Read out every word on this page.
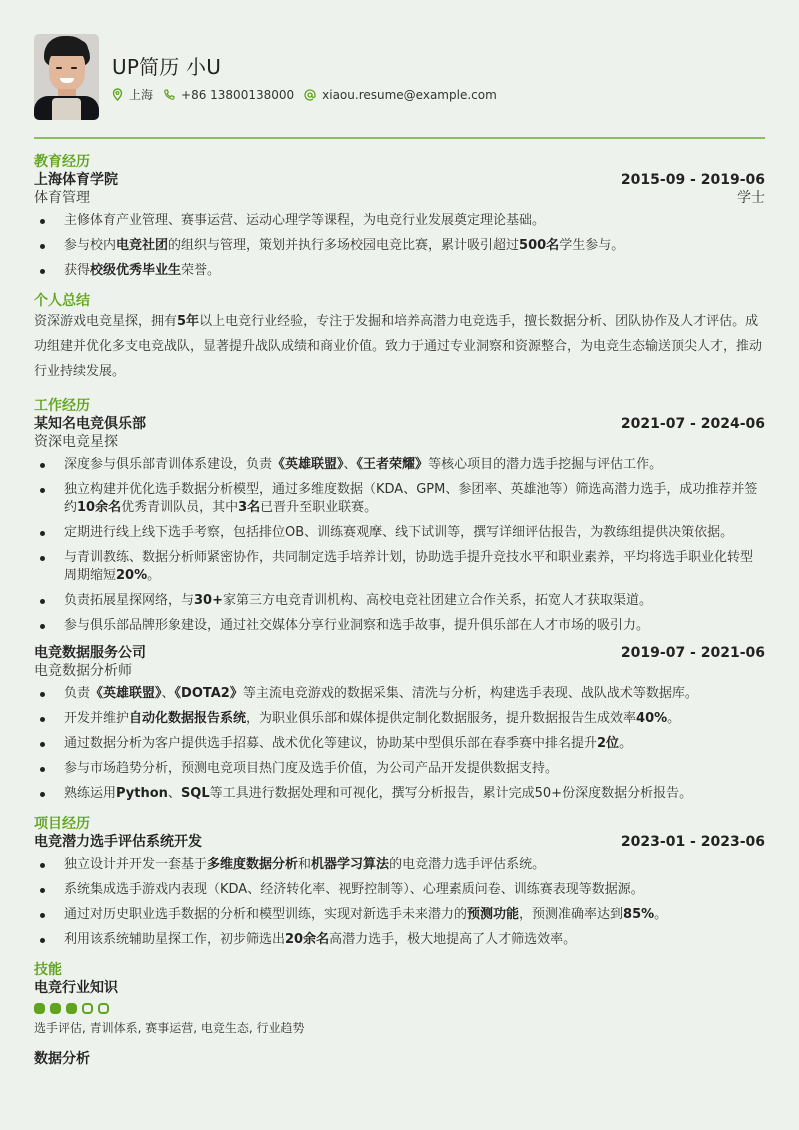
UP简历 小U
上海 +86 13800138000 xiaou.resume@example.com
教育经历
上海体育学院	2015-09 - 2019-06
体育管理	学士
主修体育产业管理、赛事运营、运动心理学等课程，为电竞行业发展奠定理论基础。
参与校内电竞社团的组织与管理，策划并执行多场校园电竞比赛，累计吸引超过500名学生参与。
获得校级优秀毕业生荣誉。
个人总结
资深游戏电竞星探，拥有5年以上电竞行业经验，专注于发掘和培养高潜力电竞选手，擅长数据分析、团队协作及人才评估。成功组建并优化多支电竞战队，显著提升战队成绩和商业价值。致力于通过专业洞察和资源整合，为电竞生态输送顶尖人才，推动行业持续发展。
工作经历
某知名电竞俱乐部	2021-07 - 2024-06
资深电竞星探
深度参与俱乐部青训体系建设，负责《英雄联盟》、《王者荣耀》等核心项目的潜力选手挖掘与评估工作。
独立构建并优化选手数据分析模型，通过多维度数据（KDA、GPM、参团率、英雄池等）筛选高潜力选手，成功推荐并签约10余名优秀青训队员，其中3名已晋升至职业联赛。
定期进行线上线下选手考察，包括排位OB、训练赛观摩、线下试训等，撰写详细评估报告，为教练组提供决策依据。
与青训教练、数据分析师紧密协作，共同制定选手培养计划，协助选手提升竞技水平和职业素养，平均将选手职业化转型周期缩短20%。
负责拓展星探网络，与30+家第三方电竞青训机构、高校电竞社团建立合作关系，拓宽人才获取渠道。
参与俱乐部品牌形象建设，通过社交媒体分享行业洞察和选手故事，提升俱乐部在人才市场的吸引力。
电竞数据服务公司	2019-07 - 2021-06
电竞数据分析师
负责《英雄联盟》、《DOTA2》等主流电竞游戏的数据采集、清洗与分析，构建选手表现、战队战术等数据库。
开发并维护自动化数据报告系统，为职业俱乐部和媒体提供定制化数据服务，提升数据报告生成效率40%。
通过数据分析为客户提供选手招募、战术优化等建议，协助某中型俱乐部在春季赛中排名提升2位。
参与市场趋势分析，预测电竞项目热门度及选手价值，为公司产品开发提供数据支持。
熟练运用Python、SQL等工具进行数据处理和可视化，撰写分析报告，累计完成50+份深度数据分析报告。
项目经历
电竞潜力选手评估系统开发	2023-01 - 2023-06
独立设计并开发一套基于多维度数据分析和机器学习算法的电竞潜力选手评估系统。
系统集成选手游戏内表现（KDA、经济转化率、视野控制等）、心理素质问卷、训练赛表现等数据源。
通过对历史职业选手数据的分析和模型训练，实现对新选手未来潜力的预测功能，预测准确率达到85%。
利用该系统辅助星探工作，初步筛选出20余名高潜力选手，极大地提高了人才筛选效率。
技能
电竞行业知识
选手评估, 青训体系, 赛事运营, 电竞生态, 行业趋势
数据分析
